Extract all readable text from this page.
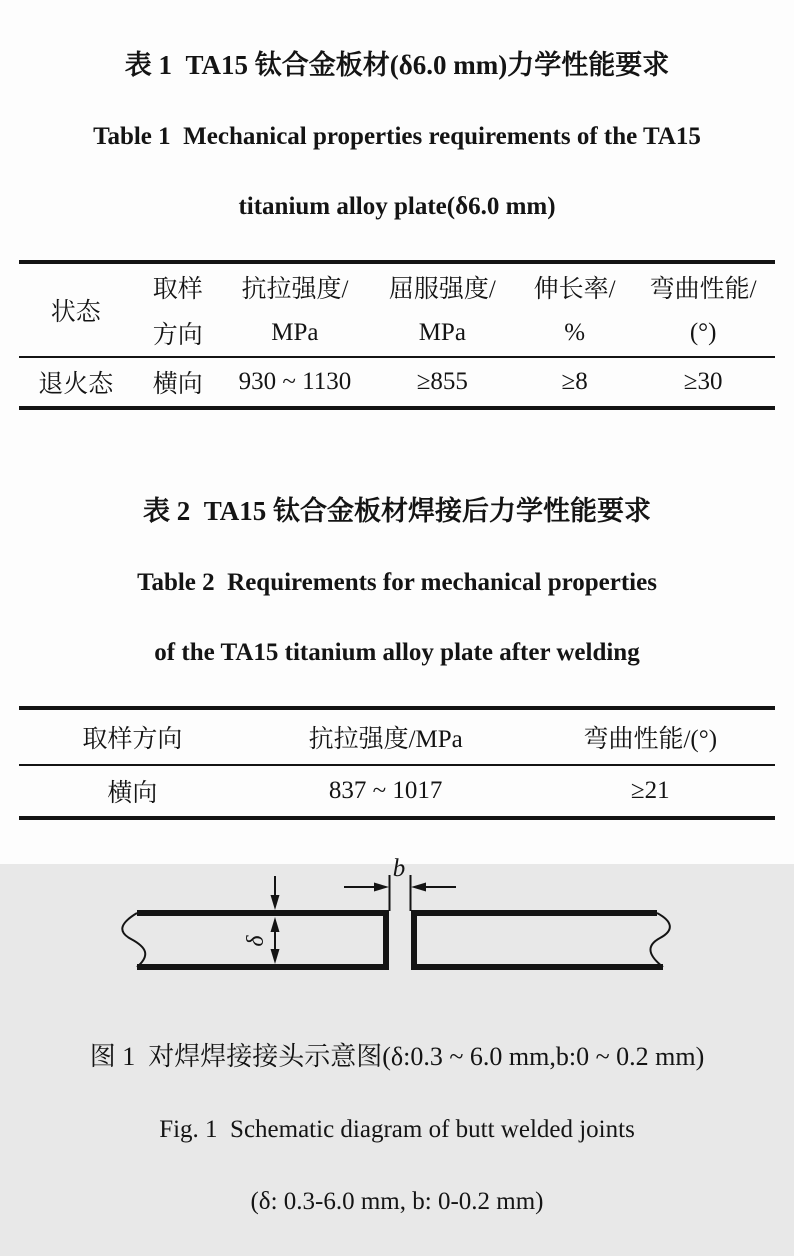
表 1  TA15 钛合金板材(δ6.0 mm)力学性能要求

Table 1  Mechanical properties requirements of the TA15

titanium alloy plate(δ6.0 mm)

状态	取样	抗拉强度/	屈服强度/	伸长率/	弯曲性能/
	方向	MPa	MPa	%	(°)
退火态	横向	930 ~ 1130	≥855	≥8	≥30

表 2  TA15 钛合金板材焊接后力学性能要求

Table 2  Requirements for mechanical properties

of the TA15 titanium alloy plate after welding

取样方向	抗拉强度/MPa	弯曲性能/(°)
横向	837 ~ 1017	≥21
b
δ

图 1  对焊焊接接头示意图(δ:0.3 ~ 6.0 mm,b:0 ~ 0.2 mm)

Fig. 1  Schematic diagram of butt welded joints

(δ: 0.3-6.0 mm, b: 0-0.2 mm)
